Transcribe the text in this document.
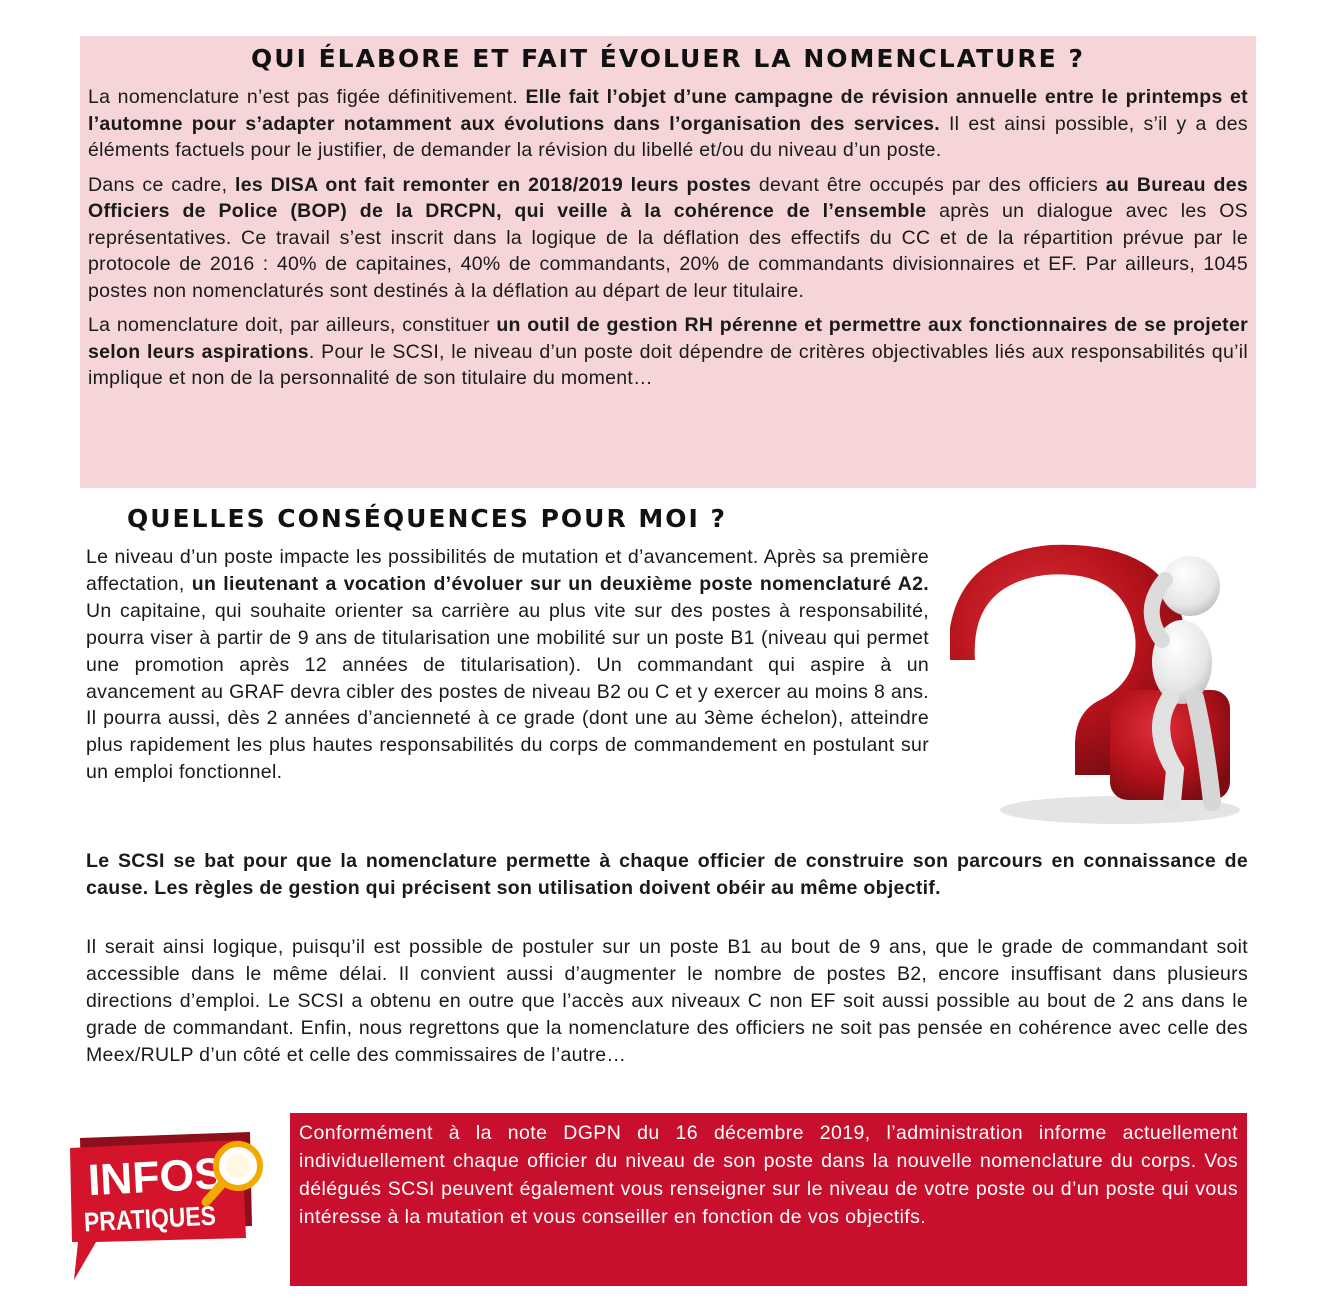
QUI ÉLABORE ET FAIT ÉVOLUER LA NOMENCLATURE ?

La nomenclature n’est pas figée définitivement. Elle fait l’objet d’une campagne de révision annuelle entre le printemps et l’automne pour s’adapter notamment aux évolutions dans l’organisation des services. Il est ainsi possible, s’il y a des éléments factuels pour le justifier, de demander la révision du libellé et/ou du niveau d’un poste.

Dans ce cadre, les DISA ont fait remonter en 2018/2019 leurs postes devant être occupés par des officiers au Bureau des Officiers de Police (BOP) de la DRCPN, qui veille à la cohérence de l’ensemble après un dialogue avec les OS représentatives. Ce travail s’est inscrit dans la logique de la déflation des effectifs du CC et de la répartition prévue par le protocole de 2016 : 40% de capitaines, 40% de commandants, 20% de commandants divisionnaires et EF. Par ailleurs, 1045 postes non nomenclaturés sont destinés à la déflation au départ de leur titulaire.

La nomenclature doit, par ailleurs, constituer un outil de gestion RH pérenne et permettre aux fonctionnaires de se projeter selon leurs aspirations. Pour le SCSI, le niveau d’un poste doit dépendre de critères objectivables liés aux responsabilités qu’il implique et non de la personnalité de son titulaire du moment…

QUELLES CONSÉQUENCES POUR MOI ?

Le niveau d’un poste impacte les possibilités de mutation et d’avancement. Après sa première affectation, un lieutenant a vocation d’évoluer sur un deuxième poste nomenclaturé A2. Un capitaine, qui souhaite orienter sa carrière au plus vite sur des postes à responsabilité, pourra viser à partir de 9 ans de titularisation une mobilité sur un poste B1 (niveau qui permet une promotion après 12 années de titularisation). Un commandant qui aspire à un avancement au GRAF devra cibler des postes de niveau B2 ou C et y exercer au moins 8 ans. Il pourra aussi, dès 2 années d’ancienneté à ce grade (dont une au 3ème échelon), atteindre plus rapidement les plus hautes responsabilités du corps de commandement en postulant sur un emploi fonctionnel.

Le SCSI se bat pour que la nomenclature permette à chaque officier de construire son parcours en connaissance de cause. Les règles de gestion qui précisent son utilisation doivent obéir au même objectif.

Il serait ainsi logique, puisqu’il est possible de postuler sur un poste B1 au bout de 9 ans, que le grade de commandant soit accessible dans le même délai. Il convient aussi d’augmenter le nombre de postes B2, encore insuffisant dans plusieurs directions d’emploi. Le SCSI a obtenu en outre que l’accès aux niveaux C non EF soit aussi possible au bout de 2 ans dans le grade de commandant. Enfin, nous regrettons que la nomenclature des officiers ne soit pas pensée en cohérence avec celle des Meex/RULP d’un côté et celle des commissaires de l’autre…

INFOS
PRATIQUES

Conformément à la note DGPN du 16 décembre 2019, l’administration informe actuellement individuellement chaque officier du niveau de son poste dans la nouvelle nomenclature du corps. Vos délégués SCSI peuvent également vous renseigner sur le niveau de votre poste ou d’un poste qui vous intéresse à la mutation et vous conseiller en fonction de vos objectifs.
